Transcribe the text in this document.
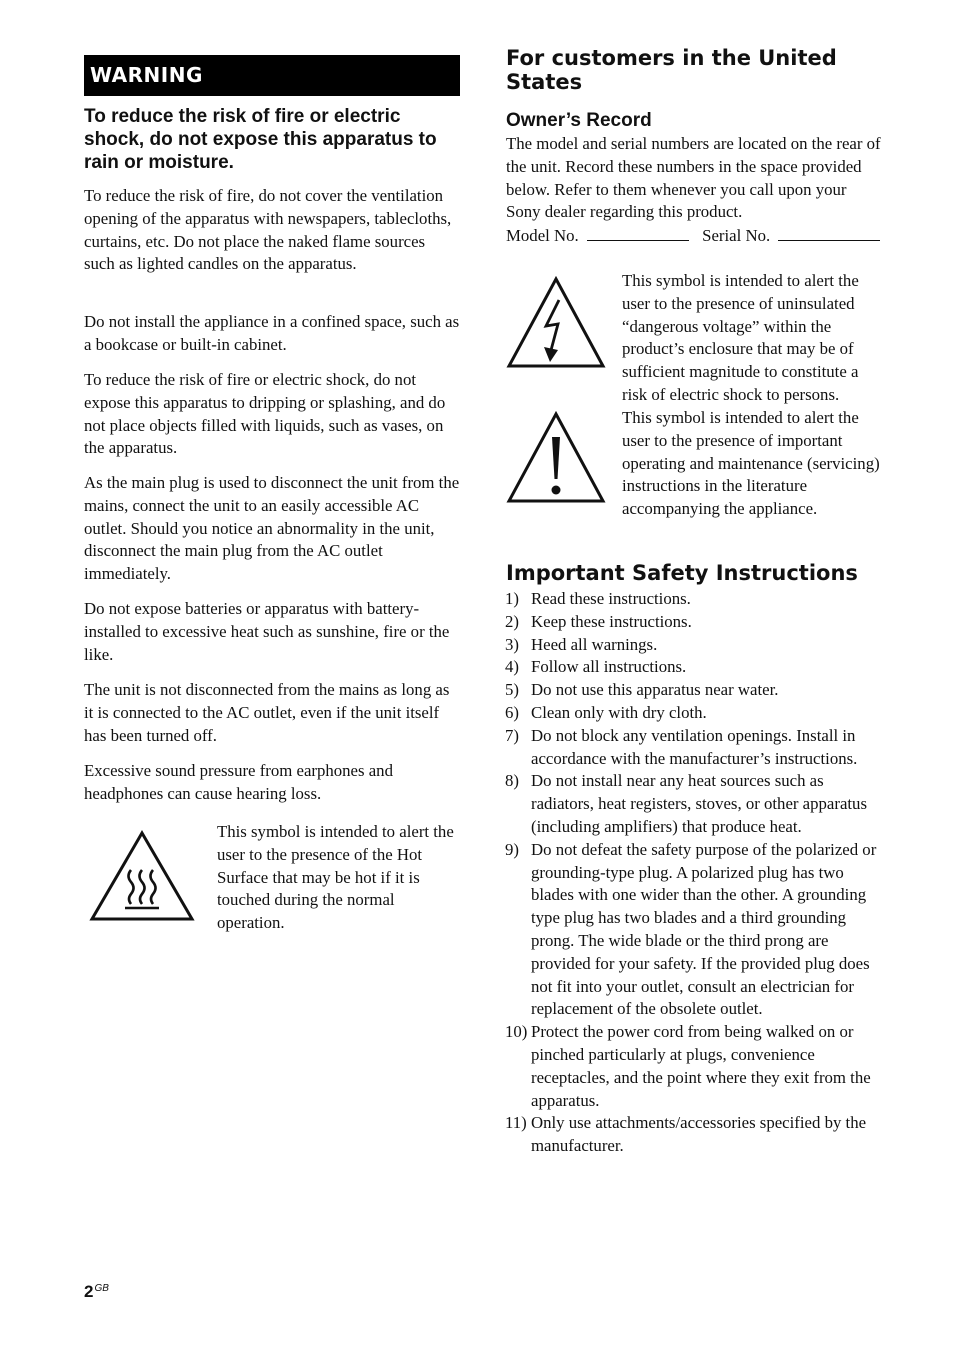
WARNING

To reduce the risk of fire or electric shock, do not expose this apparatus to rain or moisture.

To reduce the risk of fire, do not cover the ventilation opening of the apparatus with newspapers, tablecloths, curtains, etc. Do not place the naked flame sources such as lighted candles on the apparatus.

Do not install the appliance in a confined space, such as a bookcase or built-in cabinet.

To reduce the risk of fire or electric shock, do not expose this apparatus to dripping or splashing, and do not place objects filled with liquids, such as vases, on the apparatus.

As the main plug is used to disconnect the unit from the mains, connect the unit to an easily accessible AC outlet. Should you notice an abnormality in the unit, disconnect the main plug from the AC outlet immediately.

Do not expose batteries or apparatus with battery-installed to excessive heat such as sunshine, fire or the like.

The unit is not disconnected from the mains as long as it is connected to the AC outlet, even if the unit itself has been turned off.

Excessive sound pressure from earphones and headphones can cause hearing loss.

This symbol is intended to alert the user to the presence of the Hot Surface that may be hot if it is touched during the normal operation.

For customers in the United States
Owner’s Record

The model and serial numbers are located on the rear of the unit. Record these numbers in the space provided below. Refer to them whenever you call upon your Sony dealer regarding this product.

Model No.	Serial No.

This symbol is intended to alert the user to the presence of uninsulated “dangerous voltage” within the product’s enclosure that may be of sufficient magnitude to constitute a risk of electric shock to persons.

This symbol is intended to alert the user to the presence of important operating and maintenance (servicing) instructions in the literature accompanying the appliance.

Important Safety Instructions
1) Read these instructions.
2) Keep these instructions.
3) Heed all warnings.
4) Follow all instructions.
5) Do not use this apparatus near water.
6) Clean only with dry cloth.
7) Do not block any ventilation openings. Install in accordance with the manufacturer’s instructions.
8) Do not install near any heat sources such as radiators, heat registers, stoves, or other apparatus (including amplifiers) that produce heat.
9) Do not defeat the safety purpose of the polarized or grounding-type plug. A polarized plug has two blades with one wider than the other. A grounding type plug has two blades and a third grounding prong. The wide blade or the third prong are provided for your safety. If the provided plug does not fit into your outlet, consult an electrician for replacement of the obsolete outlet.
10) Protect the power cord from being walked on or pinched particularly at plugs, convenience receptacles, and the point where they exit from the apparatus.
11) Only use attachments/accessories specified by the manufacturer.
$2^{GB}$
